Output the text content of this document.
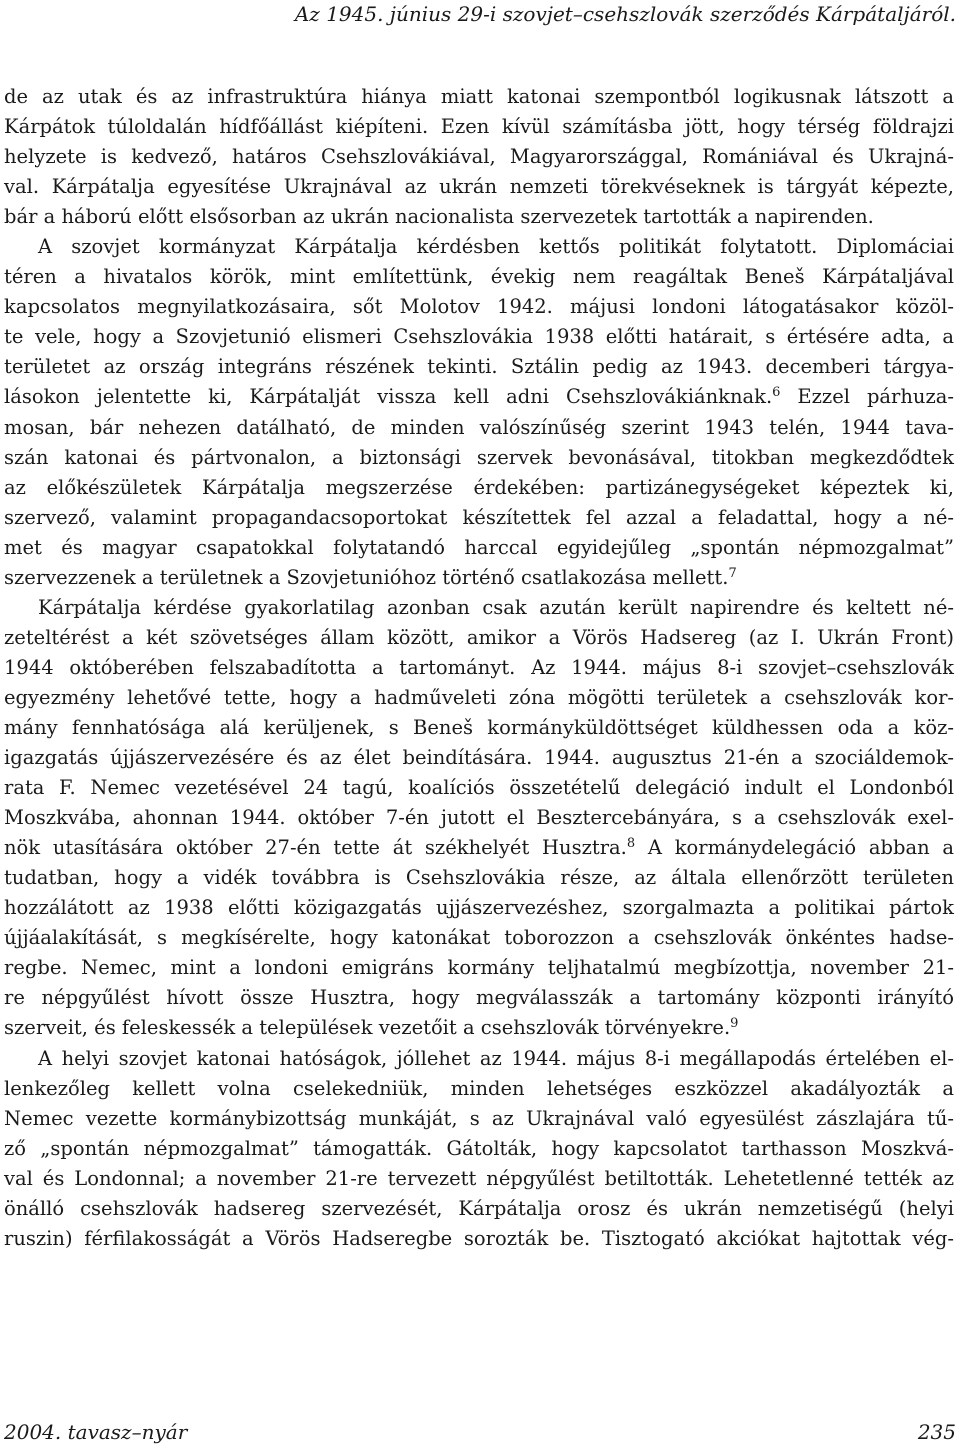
Az 1945. június 29-i szovjet–csehszlovák szerződés Kárpátaljáról.
de az utak és az infrastruktúra hiánya miatt katonai szempontból logikusnak látszott a
Kárpátok túloldalán hídfőállást kiépíteni. Ezen kívül számításba jött, hogy térség földrajzi
helyzete is kedvező, határos Csehszlovákiával, Magyarországgal, Romániával és Ukrajná-
val. Kárpátalja egyesítése Ukrajnával az ukrán nemzeti törekvéseknek is tárgyát képezte,
bár a háború előtt elsősorban az ukrán nacionalista szervezetek tartották a napirenden.
A szovjet kormányzat Kárpátalja kérdésben kettős politikát folytatott. Diplomáciai
téren a hivatalos körök, mint említettünk, évekig nem reagáltak Beneš Kárpátaljával
kapcsolatos megnyilatkozásaira, sőt Molotov 1942. májusi londoni látogatásakor közöl-
te vele, hogy a Szovjetunió elismeri Csehszlovákia 1938 előtti határait, s értésére adta, a
területet az ország integráns részének tekinti. Sztálin pedig az 1943. decemberi tárgya-
lásokon jelentette ki, Kárpátalját vissza kell adni Csehszlovákiánknak.$^6$ Ezzel párhuza-
mosan, bár nehezen datálható, de minden valószínűség szerint 1943 telén, 1944 tava-
szán katonai és pártvonalon, a biztonsági szervek bevonásával, titokban megkezdődtek
az előkészületek Kárpátalja megszerzése érdekében: partizánegységeket képeztek ki,
szervező, valamint propagandacsoportokat készítettek fel azzal a feladattal, hogy a né-
met és magyar csapatokkal folytatandó harccal egyidejűleg „spontán népmozgalmat”
szervezzenek a területnek a Szovjetunióhoz történő csatlakozása mellett.$^7$
Kárpátalja kérdése gyakorlatilag azonban csak azután került napirendre és keltett né-
zeteltérést a két szövetséges állam között, amikor a Vörös Hadsereg (az I. Ukrán Front)
1944 októberében felszabadította a tartományt. Az 1944. május 8-i szovjet–csehszlovák
egyezmény lehetővé tette, hogy a hadműveleti zóna mögötti területek a csehszlovák kor-
mány fennhatósága alá kerüljenek, s Beneš kormányküldöttséget küldhessen oda a köz-
igazgatás újjászervezésére és az élet beindítására. 1944. augusztus 21-én a szociáldemok-
rata F. Nemec vezetésével 24 tagú, koalíciós összetételű delegáció indult el Londonból
Moszkvába, ahonnan 1944. október 7-én jutott el Besztercebányára, s a csehszlovák exel-
nök utasítására október 27-én tette át székhelyét Husztra.$^8$ A kormánydelegáció abban a
tudatban, hogy a vidék továbbra is Csehszlovákia része, az általa ellenőrzött területen
hozzálátott az 1938 előtti közigazgatás ujjászervezéshez, szorgalmazta a politikai pártok
újjáalakítását, s megkísérelte, hogy katonákat toborozzon a csehszlovák önkéntes hadse-
regbe. Nemec, mint a londoni emigráns kormány teljhatalmú megbízottja, november 21-
re népgyűlést hívott össze Husztra, hogy megválasszák a tartomány központi irányító
szerveit, és feleskessék a települések vezetőit a csehszlovák törvényekre.$^9$
A helyi szovjet katonai hatóságok, jóllehet az 1944. május 8-i megállapodás értelében el-
lenkezőleg kellett volna cselekedniük, minden lehetséges eszközzel akadályozták a
Nemec vezette kormánybizottság munkáját, s az Ukrajnával való egyesülést zászlajára tű-
ző „spontán népmozgalmat” támogatták. Gátolták, hogy kapcsolatot tarthasson Moszkvá-
val és Londonnal; a november 21-re tervezett népgyűlést betiltották. Lehetetlenné tették az
önálló csehszlovák hadsereg szervezését, Kárpátalja orosz és ukrán nemzetiségű (helyi
ruszin) férfilakosságát a Vörös Hadseregbe sorozták be. Tisztogató akciókat hajtottak vég-
2004. tavasz–nyár	235
